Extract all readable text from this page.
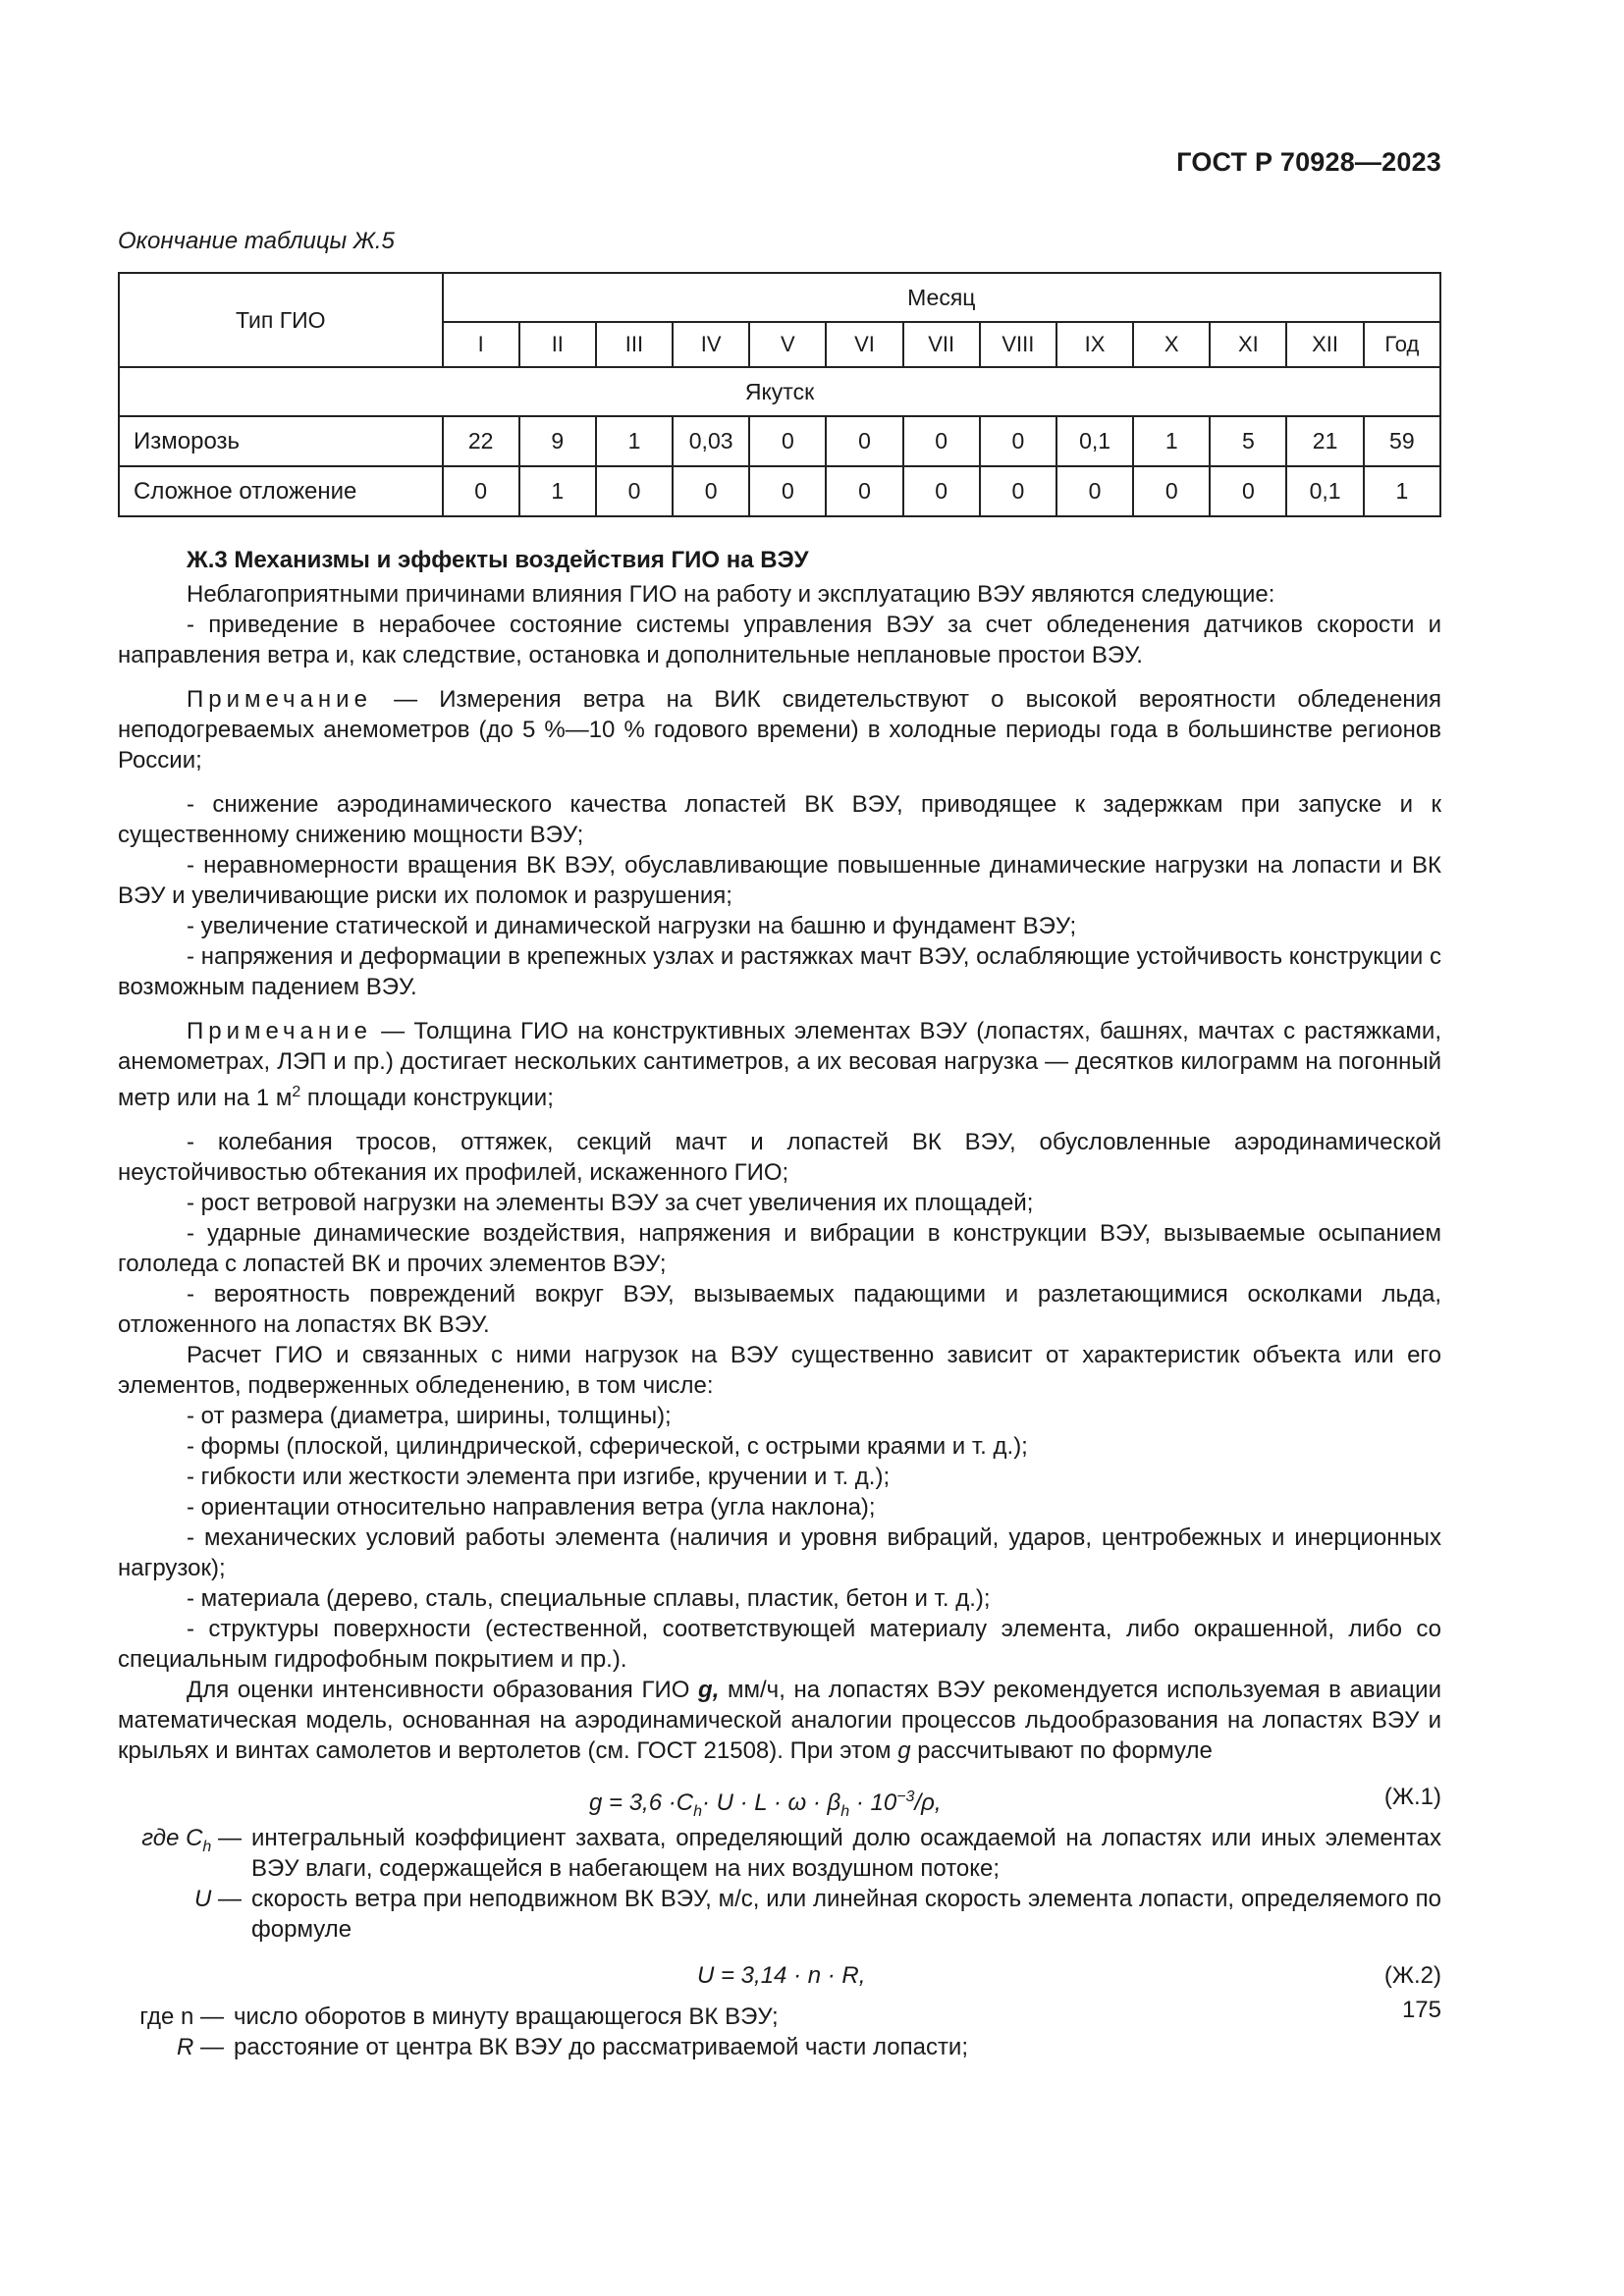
ГОСТ Р 70928—2023
Окончание таблицы Ж.5
Тип ГИО	Месяц												
	I	II	III	IV	V	VI	VII	VIII	IX	X	XI	XII	Год
Якутск													
Изморозь	22	9	1	0,03	0	0	0	0	0,1	1	5	21	59
Сложное отложение	0	1	0	0	0	0	0	0	0	0	0	0,1	1

Ж.3 Механизмы и эффекты воздействия ГИО на ВЭУ

Неблагоприятными причинами влияния ГИО на работу и эксплуатацию ВЭУ являются следующие:

- приведение в нерабочее состояние системы управления ВЭУ за счет обледенения датчиков скорости и направления ветра и, как следствие, остановка и дополнительные неплановые простои ВЭУ.

Примечание — Измерения ветра на ВИК свидетельствуют о высокой вероятности обледенения неподогреваемых анемометров (до 5 %—10 % годового времени) в холодные периоды года в большинстве регионов России;

- снижение аэродинамического качества лопастей ВК ВЭУ, приводящее к задержкам при запуске и к существенному снижению мощности ВЭУ;

- неравномерности вращения ВК ВЭУ, обуславливающие повышенные динамические нагрузки на лопасти и ВК ВЭУ и увеличивающие риски их поломок и разрушения;

- увеличение статической и динамической нагрузки на башню и фундамент ВЭУ;

- напряжения и деформации в крепежных узлах и растяжках мачт ВЭУ, ослабляющие устойчивость конструкции с возможным падением ВЭУ.

Примечание — Толщина ГИО на конструктивных элементах ВЭУ (лопастях, башнях, мачтах с растяжками, анемометрах, ЛЭП и пр.) достигает нескольких сантиметров, а их весовая нагрузка — десятков килограмм на погонный метр или на 1 $м^2$ площади конструкции;

- колебания тросов, оттяжек, секций мачт и лопастей ВК ВЭУ, обусловленные аэродинамической неустойчивостью обтекания их профилей, искаженного ГИО;

- рост ветровой нагрузки на элементы ВЭУ за счет увеличения их площадей;

- ударные динамические воздействия, напряжения и вибрации в конструкции ВЭУ, вызываемые осыпанием гололеда с лопастей ВК и прочих элементов ВЭУ;

- вероятность повреждений вокруг ВЭУ, вызываемых падающими и разлетающимися осколками льда, отложенного на лопастях ВК ВЭУ.

Расчет ГИО и связанных с ними нагрузок на ВЭУ существенно зависит от характеристик объекта или его элементов, подверженных обледенению, в том числе:

- от размера (диаметра, ширины, толщины);

- формы (плоской, цилиндрической, сферической, с острыми краями и т. д.);

- гибкости или жесткости элемента при изгибе, кручении и т. д.);

- ориентации относительно направления ветра (угла наклона);

- механических условий работы элемента (наличия и уровня вибраций, ударов, центробежных и инерционных нагрузок);

- материала (дерево, сталь, специальные сплавы, пластик, бетон и т. д.);

- структуры поверхности (естественной, соответствующей материалу элемента, либо окрашенной, либо со специальным гидрофобным покрытием и пр.).

Для оценки интенсивности образования ГИО g, мм/ч, на лопастях ВЭУ рекомендуется используемая в авиации математическая модель, основанная на аэродинамической аналогии процессов льдообразования на лопастях ВЭУ и крыльях и винтах самолетов и вертолетов (см. ГОСТ 21508). При этом g рассчитывают по формуле

$g = 3,6 \cdot C_h\cdot U \cdot L \cdot \omega \cdot \beta_h \cdot 10^{-3}/\rho$,	(Ж.1)
где $C_h$ — интегральный коэффициент захвата, определяющий долю осаждаемой на лопастях или иных элементах ВЭУ влаги, содержащейся в набегающем на них воздушном потоке;
U — скорость ветра при неподвижном ВК ВЭУ, м/с, или линейная скорость элемента лопасти, определяемого по формуле
U = 3,14 · n · R,	(Ж.2)
где n — число оборотов в минуту вращающегося ВК ВЭУ;
R — расстояние от центра ВК ВЭУ до рассматриваемой части лопасти;
175
